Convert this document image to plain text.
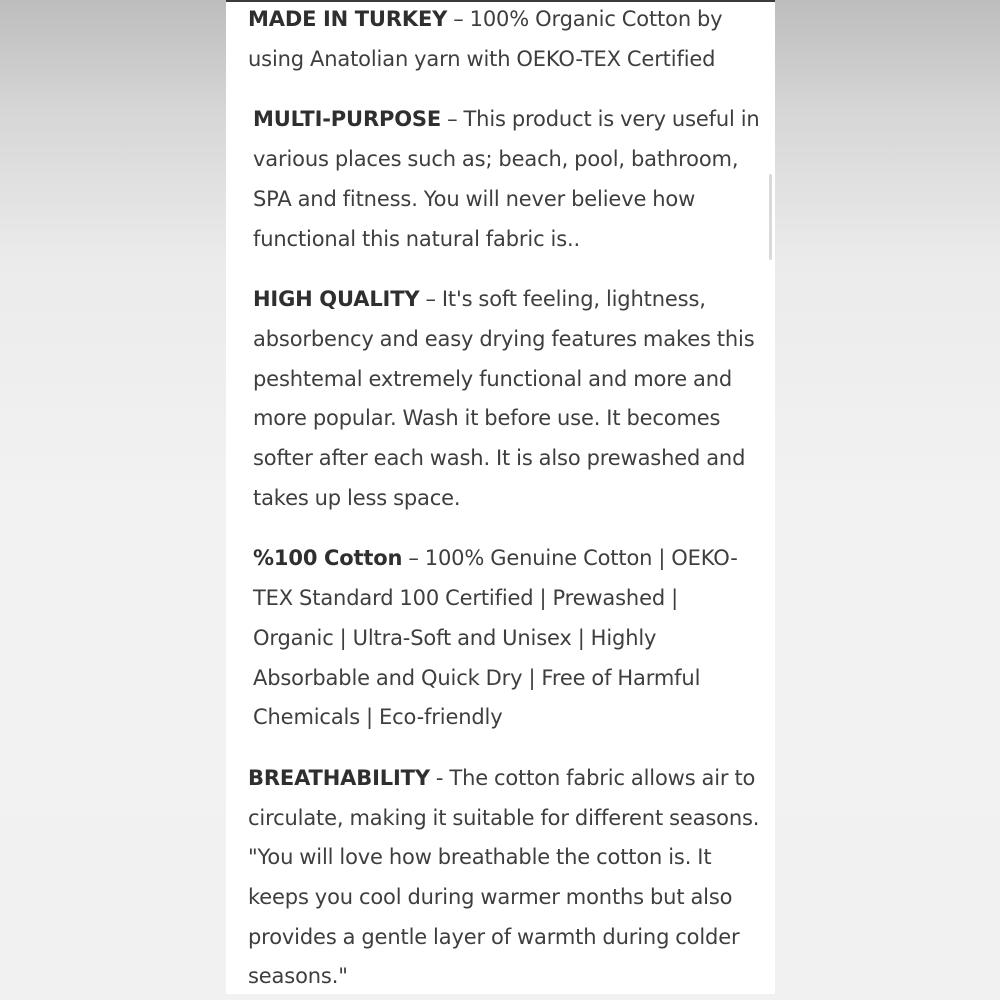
MADE IN TURKEY – 100% Organic Cotton by using Anatolian yarn with OEKO-TEX Certified

MULTI-PURPOSE – This product is very useful in various places such as; beach, pool, bathroom, SPA and fitness. You will never believe how functional this natural fabric is..

HIGH QUALITY – It's soft feeling, lightness, absorbency and easy drying features makes this peshtemal extremely functional and more and more popular. Wash it before use. It becomes softer after each wash. It is also prewashed and takes up less space.

%100 Cotton – 100% Genuine Cotton | OEKO-TEX Standard 100 Certified | Prewashed | Organic | Ultra-Soft and Unisex | Highly Absorbable and Quick Dry | Free of Harmful Chemicals | Eco-friendly

BREATHABILITY - The cotton fabric allows air to circulate, making it suitable for different seasons. "You will love how breathable the cotton is. It keeps you cool during warmer months but also provides a gentle layer of warmth during colder seasons."
